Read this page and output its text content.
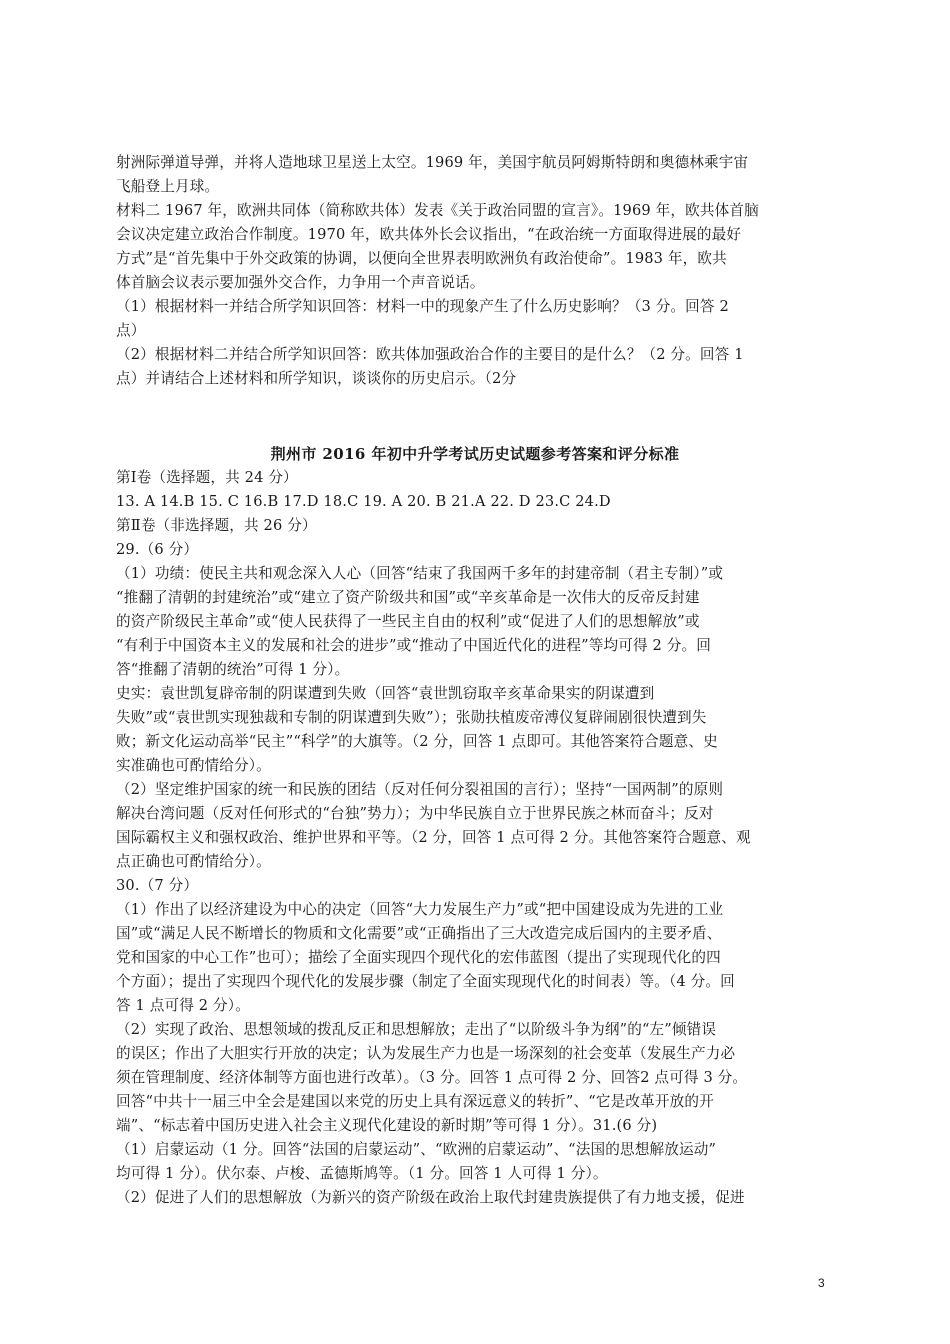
射洲际弹道导弹，并将人造地球卫星送上太空。1969 年，美国宇航员阿姆斯特朗和奥德林乘宇宙
飞船登上月球。
材料二 1967 年，欧洲共同体（简称欧共体）发表《关于政治同盟的宣言》。1969 年，欧共体首脑
会议决定建立政治合作制度。1970 年，欧共体外长会议指出，“在政治统一方面取得进展的最好
方式”是“首先集中于外交政策的协调，以便向全世界表明欧洲负有政治使命”。1983 年，欧共
体首脑会议表示要加强外交合作，力争用一个声音说话。
（1）根据材料一并结合所学知识回答：材料一中的现象产生了什么历史影响？（3 分。回答 2
点）
（2）根据材料二并结合所学知识回答：欧共体加强政治合作的主要目的是什么？（2 分。回答 1
点）并请结合上述材料和所学知识，谈谈你的历史启示。（2分
荆州市 2016 年初中升学考试历史试题参考答案和评分标准
第Ⅰ卷（选择题，共 24 分）
13. A 14.B 15. C 16.B 17.D 18.C 19. A 20. B 21.A 22. D 23.C 24.D
第Ⅱ卷（非选择题，共 26 分）
29.（6 分）
（1）功绩：使民主共和观念深入人心（回答“结束了我国两千多年的封建帝制（君主专制）”或
“推翻了清朝的封建统治”或“建立了资产阶级共和国”或“辛亥革命是一次伟大的反帝反封建
的资产阶级民主革命”或“使人民获得了一些民主自由的权利”或“促进了人们的思想解放”或
“有利于中国资本主义的发展和社会的进步”或“推动了中国近代化的进程”等均可得 2 分。回
答“推翻了清朝的统治”可得 1 分）。
史实：袁世凯复辟帝制的阴谋遭到失败（回答“袁世凯窃取辛亥革命果实的阴谋遭到
失败”或“袁世凯实现独裁和专制的阴谋遭到失败”）；张勋扶植废帝溥仪复辟闹剧很快遭到失
败；新文化运动高举“民主”“科学”的大旗等。（2 分，回答 1 点即可。其他答案符合题意、史
实准确也可酌情给分）。
（2）坚定维护国家的统一和民族的团结（反对任何分裂祖国的言行）；坚持“一国两制”的原则
解决台湾问题（反对任何形式的“台独”势力）；为中华民族自立于世界民族之林而奋斗；反对
国际霸权主义和强权政治、维护世界和平等。（2 分，回答 1 点可得 2 分。其他答案符合题意、观
点正确也可酌情给分）。
30.（7 分）
（1）作出了以经济建设为中心的决定（回答“大力发展生产力”或“把中国建设成为先进的工业
国”或“满足人民不断增长的物质和文化需要”或“正确指出了三大改造完成后国内的主要矛盾、
党和国家的中心工作”也可）；描绘了全面实现四个现代化的宏伟蓝图（提出了实现现代化的四
个方面）；提出了实现四个现代化的发展步骤（制定了全面实现现代化的时间表）等。（4 分。回
答 1 点可得 2 分）。
（2）实现了政治、思想领域的拨乱反正和思想解放；走出了“以阶级斗争为纲”的“左”倾错误
的误区；作出了大胆实行开放的决定；认为发展生产力也是一场深刻的社会变革（发展生产力必
须在管理制度、经济体制等方面也进行改革）。（3 分。回答 1 点可得 2 分、回答2 点可得 3 分。
回答“中共十一届三中全会是建国以来党的历史上具有深远意义的转折”、“它是改革开放的开
端”、“标志着中国历史进入社会主义现代化建设的新时期”等可得 1 分）。31.(6 分)
（1）启蒙运动（1 分。回答“法国的启蒙运动”、“欧洲的启蒙运动”、“法国的思想解放运动”
均可得 1 分）。伏尔泰、卢梭、孟德斯鸠等。（1 分。回答 1 人可得 1 分）。
（2）促进了人们的思想解放（为新兴的资产阶级在政治上取代封建贵族提供了有力地支援，促进
3
